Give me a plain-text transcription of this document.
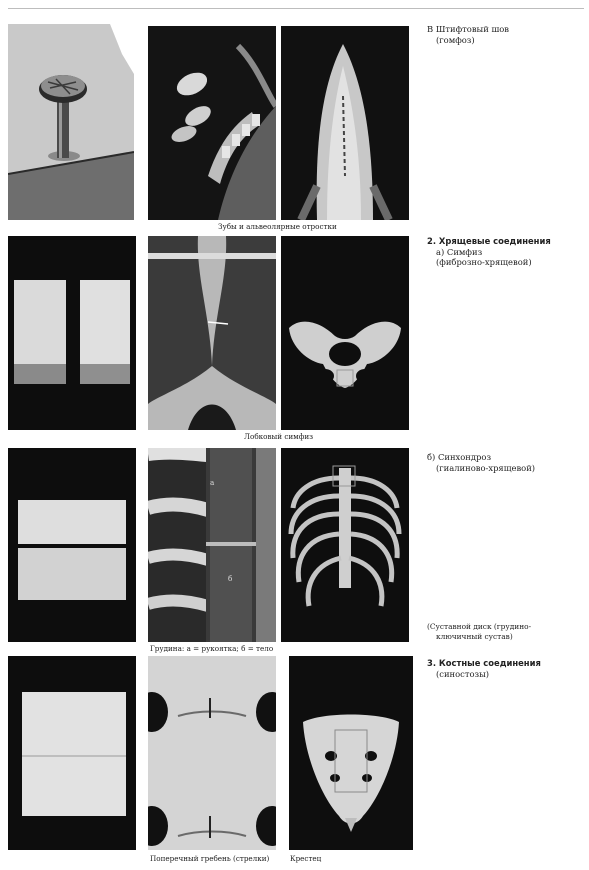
Зубы и альвеолярные отростки
В Штифтовый шов
(гомфоз)
Лобковый симфиз
2. Хрящевые соединения
а) Симфиз
(фиброзно-хрящевой)
а
б
Грудина: а = рукоятка; б = тело
б) Синхондроз
(гиалиново-хрящевой)
(Суставной диск (грудино-
ключичный сустав)
Поперечный гребень (стрелки)	Крестец
3. Костные соединения
(синостозы)
